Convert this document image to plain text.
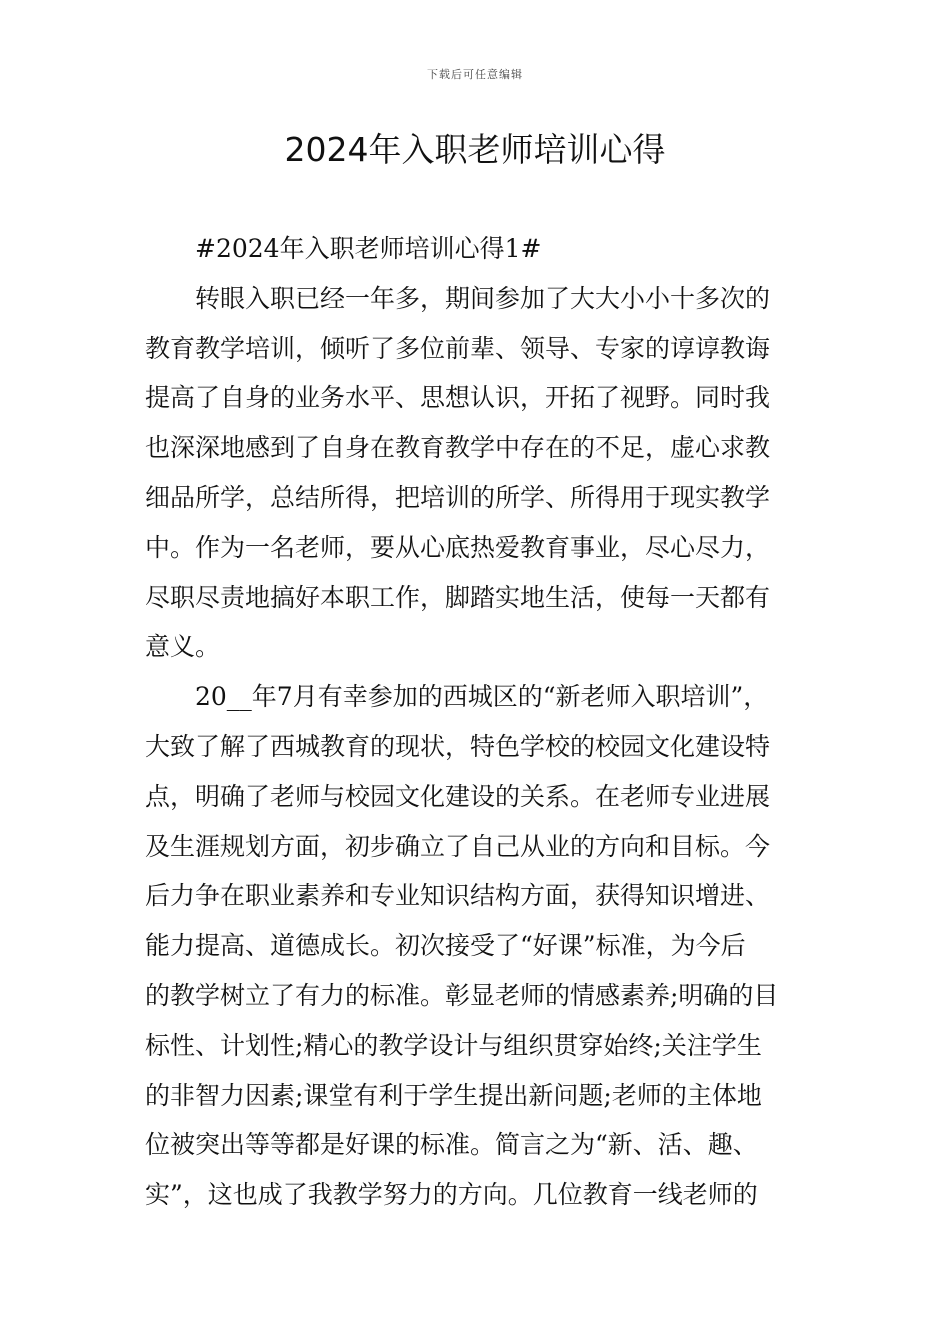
下载后可任意编辑
2024年入职老师培训心得
#2024年入职老师培训心得1#
转眼入职已经一年多，期间参加了大大小小十多次的
教育教学培训，倾听了多位前辈、领导、专家的谆谆教诲
提高了自身的业务水平、思想认识，开拓了视野。同时我
也深深地感到了自身在教育教学中存在的不足，虚心求教
细品所学，总结所得，把培训的所学、所得用于现实教学
中。作为一名老师，要从心底热爱教育事业，尽心尽力，
尽职尽责地搞好本职工作，脚踏实地生活，使每一天都有
意义。
20__年7月有幸参加的西城区的“新老师入职培训”，
大致了解了西城教育的现状，特色学校的校园文化建设特
点，明确了老师与校园文化建设的关系。在老师专业进展
及生涯规划方面，初步确立了自己从业的方向和目标。今
后力争在职业素养和专业知识结构方面，获得知识增进、
能力提高、道德成长。初次接受了“好课”标准，为今后
的教学树立了有力的标准。彰显老师的情感素养;明确的目
标性、计划性;精心的教学设计与组织贯穿始终;关注学生
的非智力因素;课堂有利于学生提出新问题;老师的主体地
位被突出等等都是好课的标准。简言之为“新、活、趣、
实”，这也成了我教学努力的方向。几位教育一线老师的
